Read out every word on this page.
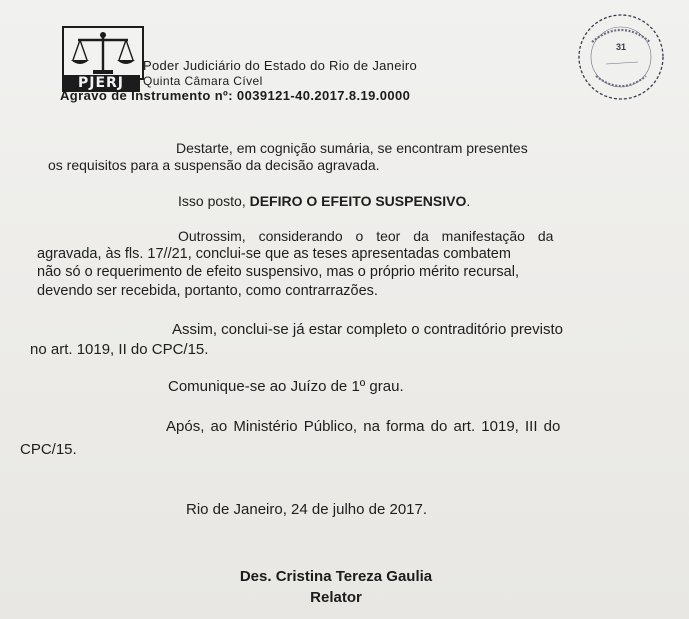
PJERJ
Poder Judiciário do Estado do Rio de Janeiro
Quinta Câmara Cível
Agravo de Instrumento nº: 0039121-40.2017.8.19.0000
31
Destarte, em cognição sumária, se encontram presentes
os requisitos para a suspensão da decisão agravada.
Isso posto, DEFIRO O EFEITO SUSPENSIVO.
Outrossim, considerando o teor da manifestação da
agravada, às fls. 17//21, conclui-se que as teses apresentadas combatem
não só o requerimento de efeito suspensivo, mas o próprio mérito recursal,
devendo ser recebida, portanto, como contrarrazões.
Assim, conclui-se já estar completo o contraditório previsto
no art. 1019, II do CPC/15.
Comunique-se ao Juízo de 1º grau.
Após, ao Ministério Público, na forma do art. 1019, III do
CPC/15.
Rio de Janeiro, 24 de julho de 2017.
Des. Cristina Tereza Gaulia
Relator
